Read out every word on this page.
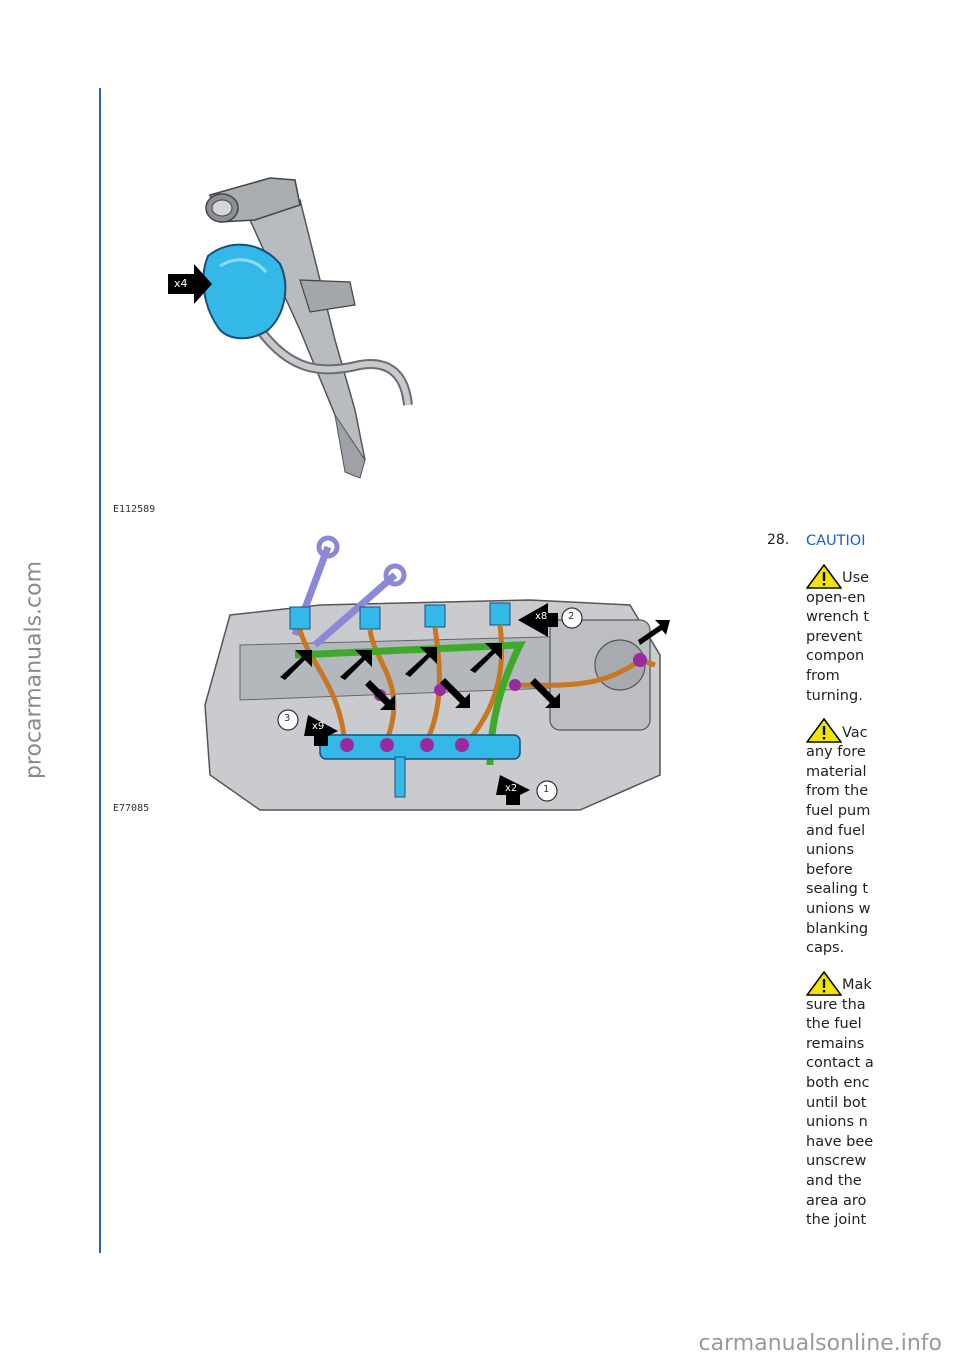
procarmanuals.com
x4
E112589
x8
x9
x2
2
3
1
E77085
28. CAUTIOI
Use
open-en
wrench t
prevent
compon
from
turning.
Vac
any fore
material
from the
fuel pum
and fuel
unions
before
sealing t
unions w
blanking
caps.
Mak
sure tha
the fuel
remains
contact a
both enc
until bot
unions n
have bee
unscrew
and the
area aro
the joint
carmanualsonline.info
